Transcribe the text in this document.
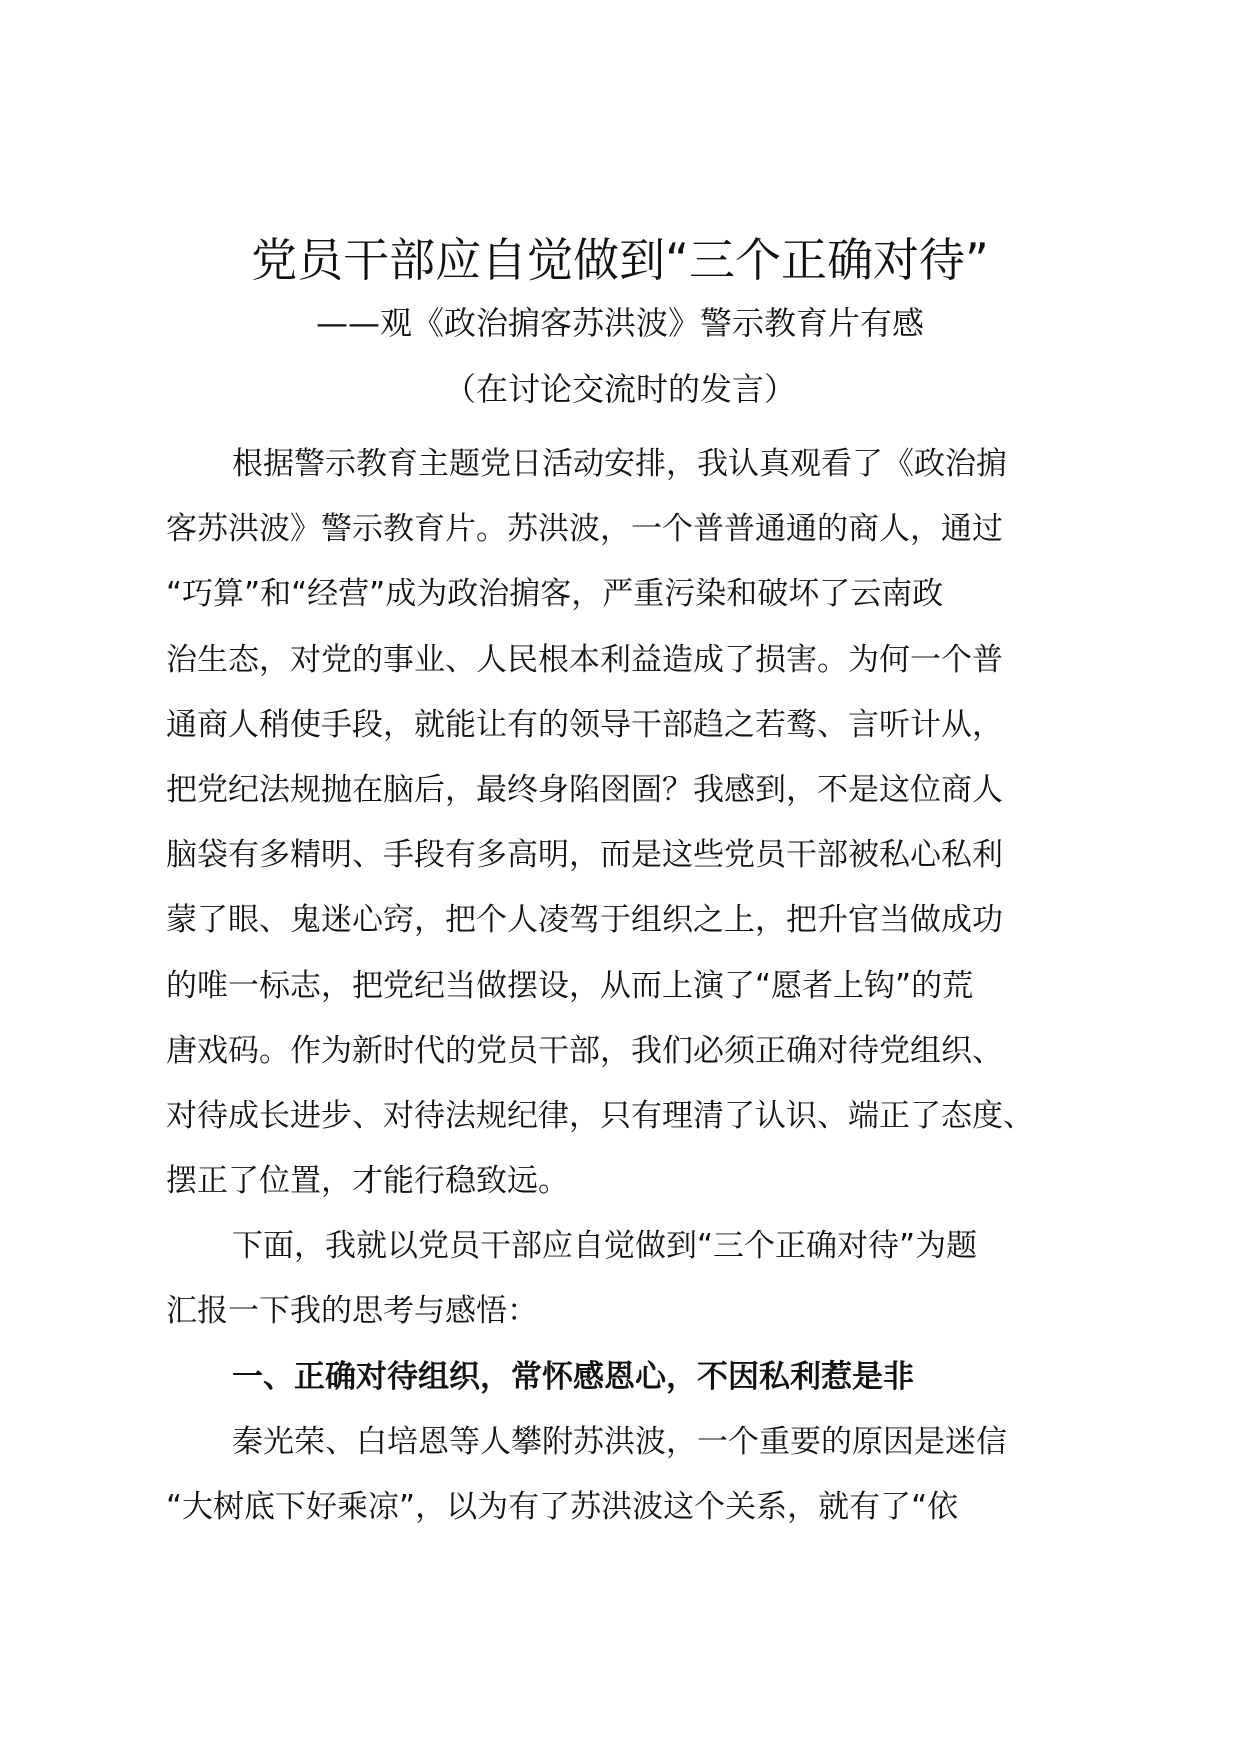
党员干部应自觉做到“三个正确对待”
——观《政治掮客苏洪波》警示教育片有感
（在讨论交流时的发言）
根据警示教育主题党日活动安排，我认真观看了《政治掮
客苏洪波》警示教育片。苏洪波，一个普普通通的商人，通过
“巧算”和“经营”成为政治掮客，严重污染和破坏了云南政
治生态，对党的事业、人民根本利益造成了损害。为何一个普
通商人稍使手段，就能让有的领导干部趋之若鹜、言听计从，
把党纪法规抛在脑后，最终身陷囹圄？我感到，不是这位商人
脑袋有多精明、手段有多高明，而是这些党员干部被私心私利
蒙了眼、鬼迷心窍，把个人凌驾于组织之上，把升官当做成功
的唯一标志，把党纪当做摆设，从而上演了“愿者上钩”的荒
唐戏码。作为新时代的党员干部，我们必须正确对待党组织、
对待成长进步、对待法规纪律，只有理清了认识、端正了态度、
摆正了位置，才能行稳致远。
下面，我就以党员干部应自觉做到“三个正确对待”为题
汇报一下我的思考与感悟：
一、正确对待组织，常怀感恩心，不因私利惹是非
秦光荣、白培恩等人攀附苏洪波，一个重要的原因是迷信
“大树底下好乘凉”，以为有了苏洪波这个关系，就有了“依
